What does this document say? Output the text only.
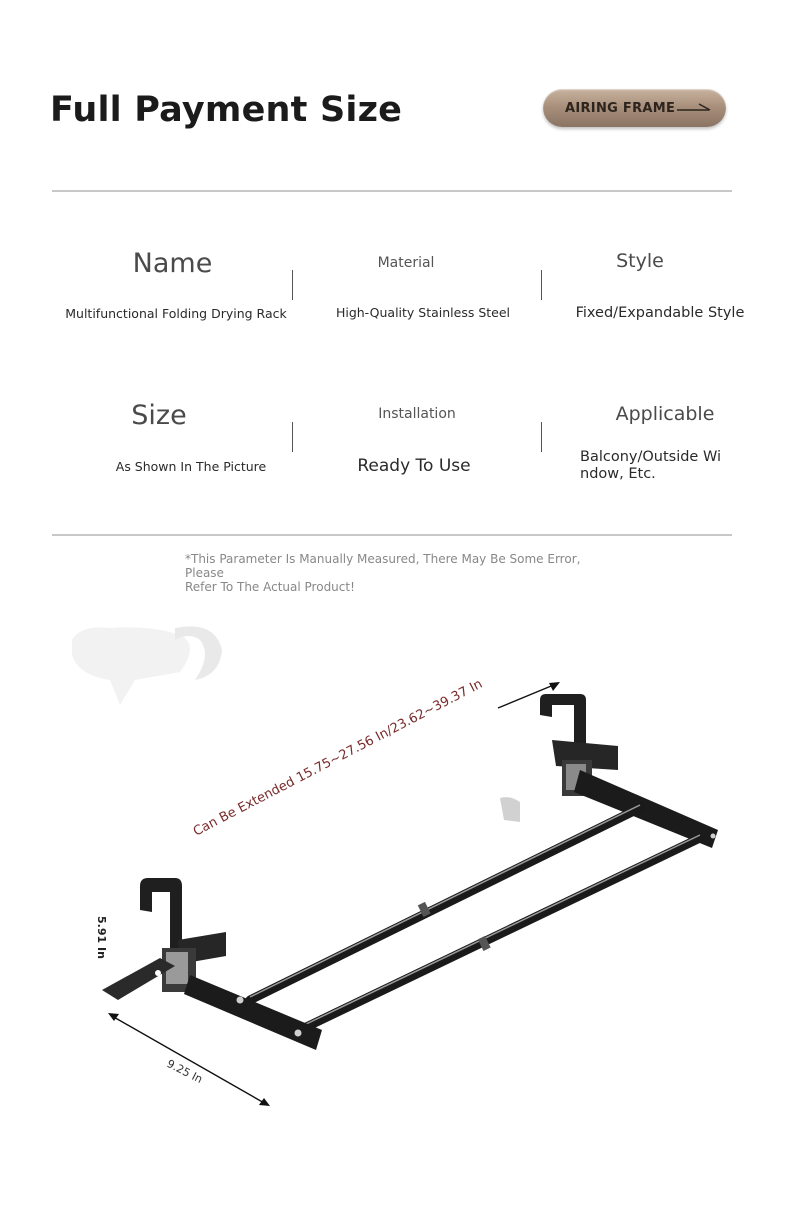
Full Payment Size	AIRING FRAME
Name
Multifunctional Folding Drying Rack
Material
High-Quality Stainless Steel
Style
Fixed/Expandable Style
Size
As Shown In The Picture
Installation
Ready To Use
Applicable
Balcony/Outside Wi
ndow, Etc.
*This Parameter Is Manually Measured, There May Be Some Error, Please
Refer To The Actual Product!
Can Be Extended 15.75~27.56 In/23.62~39.37 In
5.91 In
9.25 In
